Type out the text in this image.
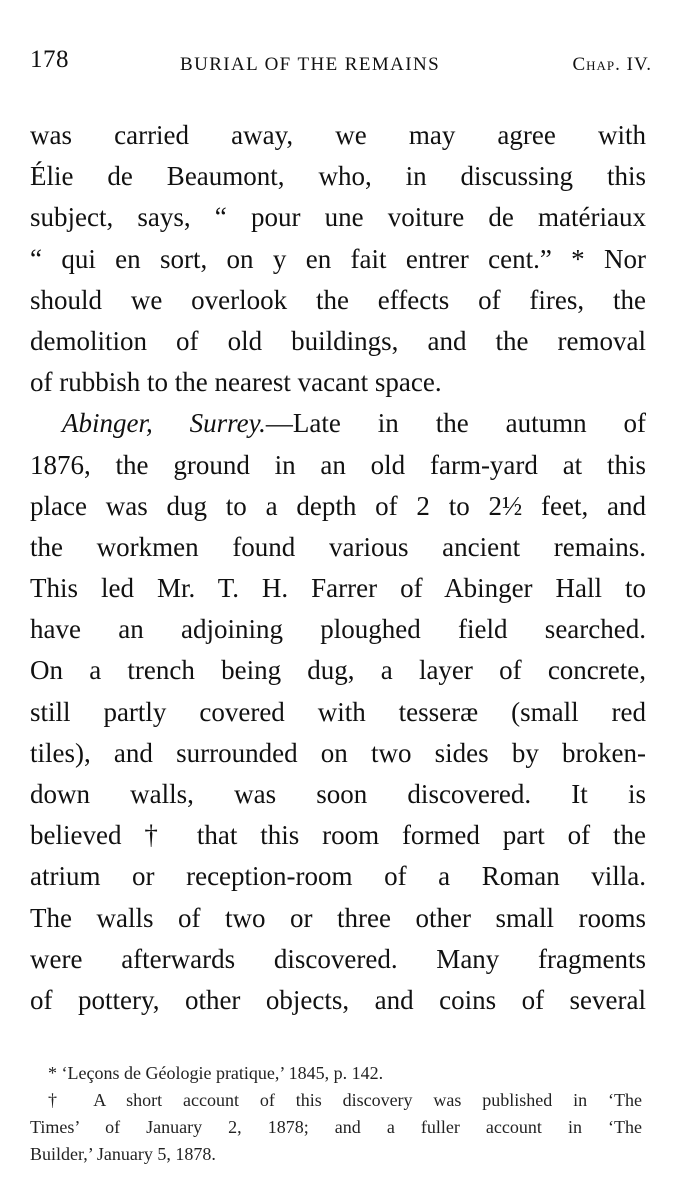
178	BURIAL OF THE REMAINS	Chap. IV.
was carried away, we may agree with
Élie de Beaumont, who, in discussing this
subject, says, “ pour une voiture de matériaux
“ qui en sort, on y en fait entrer cent.” * Nor
should we overlook the effects of fires, the
demolition of old buildings, and the removal
of rubbish to the nearest vacant space.
Abinger, Surrey.—Late in the autumn of
1876, the ground in an old farm-yard at this
place was dug to a depth of 2 to 2½ feet, and
the workmen found various ancient remains.
This led Mr. T. H. Farrer of Abinger Hall to
have an adjoining ploughed field searched.
On a trench being dug, a layer of concrete,
still partly covered with tesseræ (small red
tiles), and surrounded on two sides by broken-
down walls, was soon discovered. It is
believed † that this room formed part of the
atrium or reception-room of a Roman villa.
The walls of two or three other small rooms
were afterwards discovered. Many fragments
of pottery, other objects, and coins of several
* ‘Leçons de Géologie pratique,’ 1845, p. 142.
† A short account of this discovery was published in ‘The
Times’ of January 2, 1878; and a fuller account in ‘The
Builder,’ January 5, 1878.
